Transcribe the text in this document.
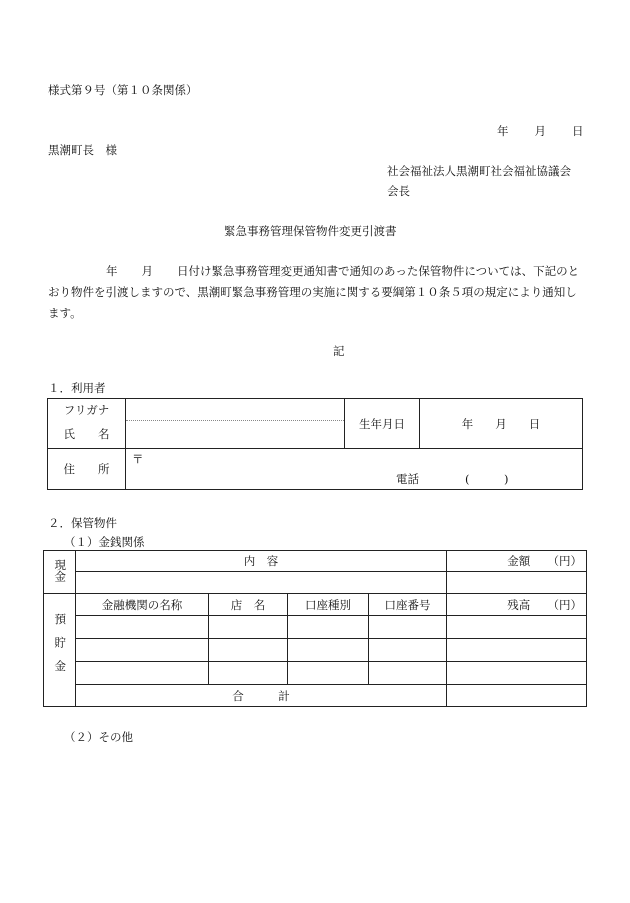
様式第９号（第１０条関係）
年 月 日
黒潮町長　様
社会福祉法人黒潮町社会福祉協議会
会長
緊急事務管理保管物件変更引渡書
年 月 日付け緊急事務管理変更通知書で通知のあった保管物件については、下記のとおり物件を引渡しますので、黒潮町緊急事務管理の実施に関する要綱第１０条５項の規定により通知します。
記
１．利用者
フリガナ		生年月日	年 月 日
氏　　名			
住　　所	〒
電話 (　　　)		
２．保管物件
（１）金銭関係
現金	内　容				金額　　（円）

預貯金	金融機関の名称	店　名	口座種別	口座番号	残高　　（円）

	合　　　計				
（２）その他
